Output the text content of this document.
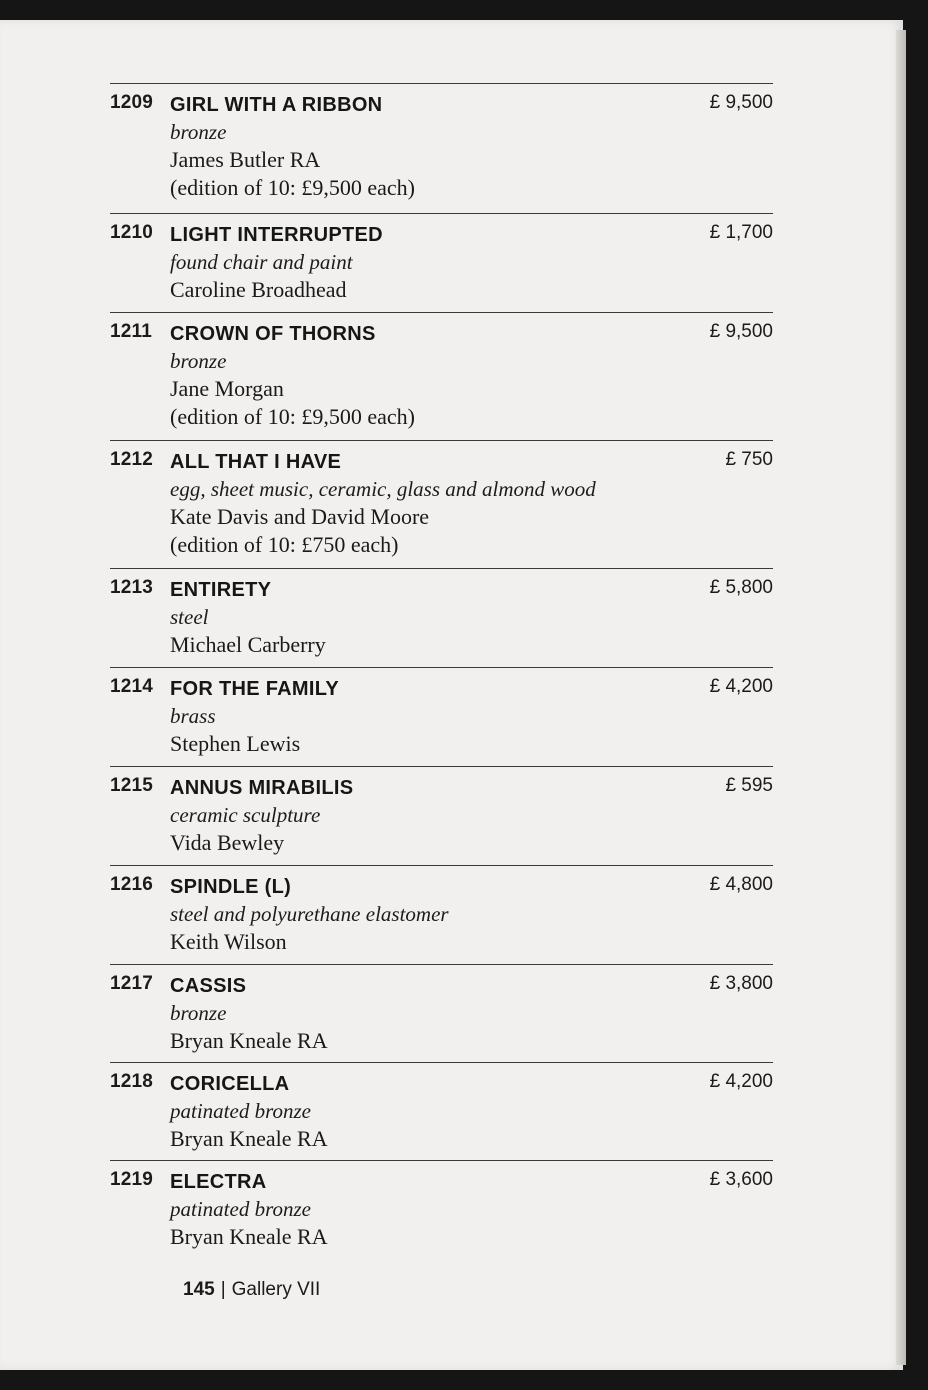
1209 GIRL WITH A RIBBON
bronze
James Butler RA
(edition of 10: £9,500 each)
£ 9,500
1210 LIGHT INTERRUPTED
found chair and paint
Caroline Broadhead
£ 1,700
1211 CROWN OF THORNS
bronze
Jane Morgan
(edition of 10: £9,500 each)
£ 9,500
1212 ALL THAT I HAVE
egg, sheet music, ceramic, glass and almond wood
Kate Davis and David Moore
(edition of 10: £750 each)
£ 750
1213 ENTIRETY
steel
Michael Carberry
£ 5,800
1214 FOR THE FAMILY
brass
Stephen Lewis
£ 4,200
1215 ANNUS MIRABILIS
ceramic sculpture
Vida Bewley
£ 595
1216 SPINDLE (L)
steel and polyurethane elastomer
Keith Wilson
£ 4,800
1217 CASSIS
bronze
Bryan Kneale RA
£ 3,800
1218 CORICELLA
patinated bronze
Bryan Kneale RA
£ 4,200
1219 ELECTRA
patinated bronze
Bryan Kneale RA
£ 3,600
145 | Gallery VII
